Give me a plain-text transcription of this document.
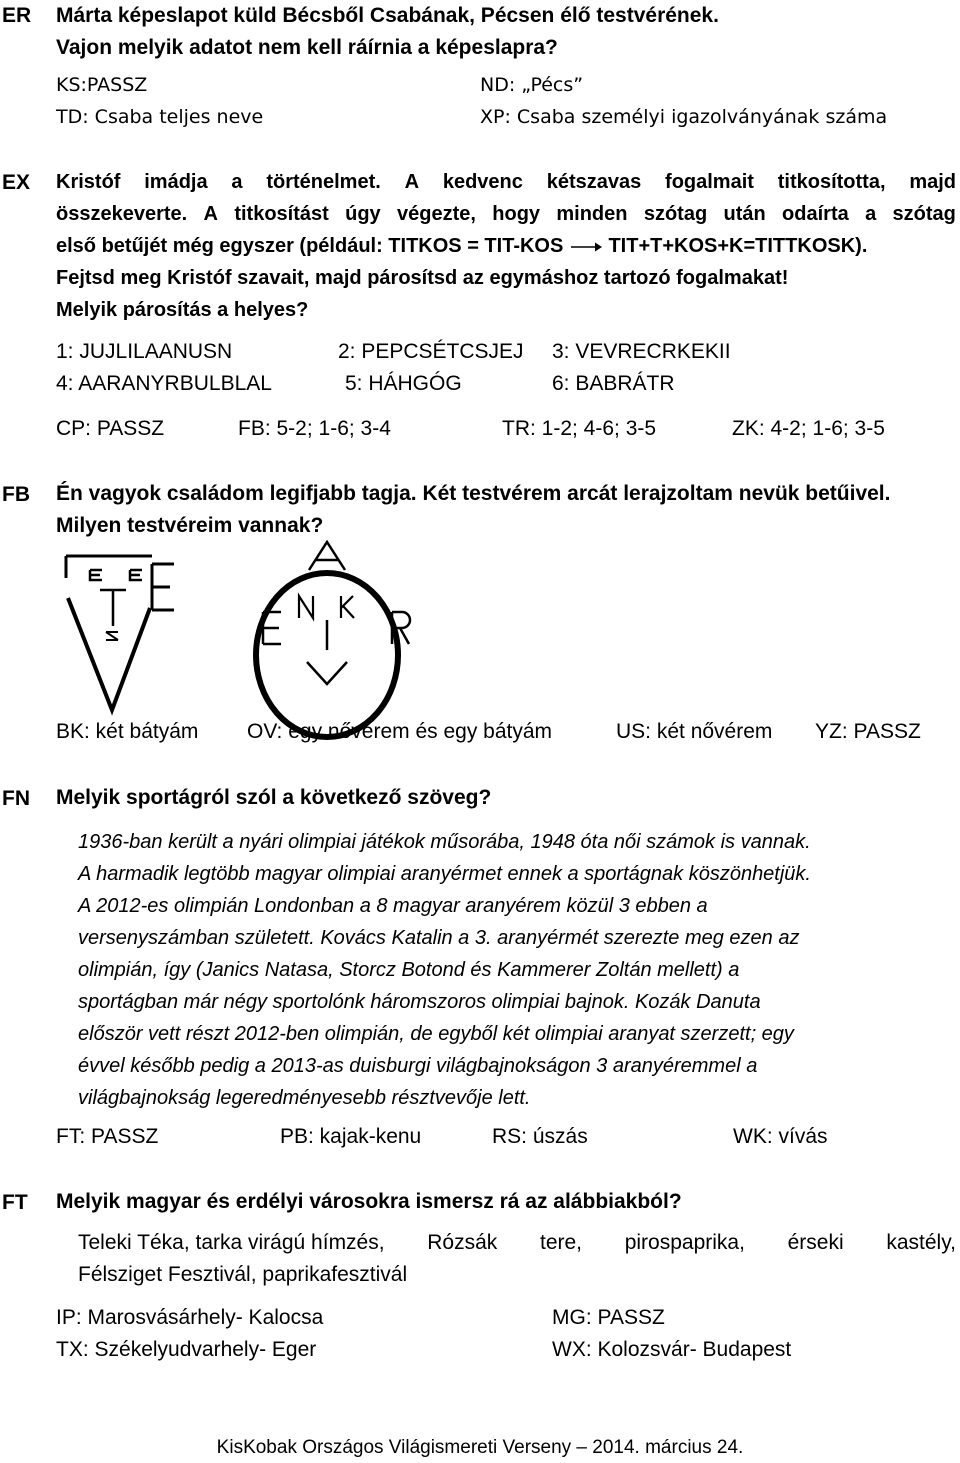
ER Márta képeslapot küld Bécsből Csabának, Pécsen élő testvérének.
Vajon melyik adatot nem kell ráírnia a képeslapra?
KS:PASSZ	ND: „Pécs”
TD: Csaba teljes neve	XP: Csaba személyi igazolványának száma
EX Kristóf imádja a történelmet. A kedvenc kétszavas fogalmait titkosította, majd
összekeverte. A titkosítást úgy végezte, hogy minden szótag után odaírta a szótag
első betűjét még egyszer (például: TITKOS = TIT-KOS TIT+T+KOS+K=TITTKOSK).
Fejtsd meg Kristóf szavait, majd párosítsd az egymáshoz tartozó fogalmakat!
Melyik párosítás a helyes?
1: JUJLILAANUSN	2: PEPCSÉTCSJEJ 3: VEVRECRKEKII
4: AARANYRBULBLAL	5: HÁHGÓG	6: BABRÁTR
CP: PASSZ	FB: 5-2; 1-6; 3-4	TR: 1-2; 4-6; 3-5	ZK: 4-2; 1-6; 3-5
FB Én vagyok családom legifjabb tagja. Két testvérem arcát lerajzoltam nevük betűivel.
Milyen testvéreim vannak?
BK: két bátyám OV: egy nővérem és egy bátyám	US: két nővérem YZ: PASSZ
FN Melyik sportágról szól a következő szöveg?
1936-ban került a nyári olimpiai játékok műsorába, 1948 óta női számok is vannak.
A harmadik legtöbb magyar olimpiai aranyérmet ennek a sportágnak köszönhetjük.
A 2012-es olimpián Londonban a 8 magyar aranyérem közül 3 ebben a
versenyszámban született. Kovács Katalin a 3. aranyérmét szerezte meg ezen az
olimpián, így (Janics Natasa, Storcz Botond és Kammerer Zoltán mellett) a
sportágban már négy sportolónk háromszoros olimpiai bajnok. Kozák Danuta
először vett részt 2012-ben olimpián, de egyből két olimpiai aranyat szerzett; egy
évvel később pedig a 2013-as duisburgi világbajnokságon 3 aranyéremmel a
világbajnokság legeredményesebb résztvevője lett.
FT: PASSZ	PB: kajak-kenu	RS: úszás	WK: vívás
FT Melyik magyar és erdélyi városokra ismersz rá az alábbiakból?
Teleki Téka, tarka virágú hímzés, Rózsák tere, pirospaprika, érseki kastély,
Félsziget Fesztivál, paprikafesztivál
IP: Marosvásárhely- Kalocsa	MG: PASSZ
TX: Székelyudvarhely- Eger	WX: Kolozsvár- Budapest
KisKobak Országos Világismereti Verseny – 2014. március 24.
